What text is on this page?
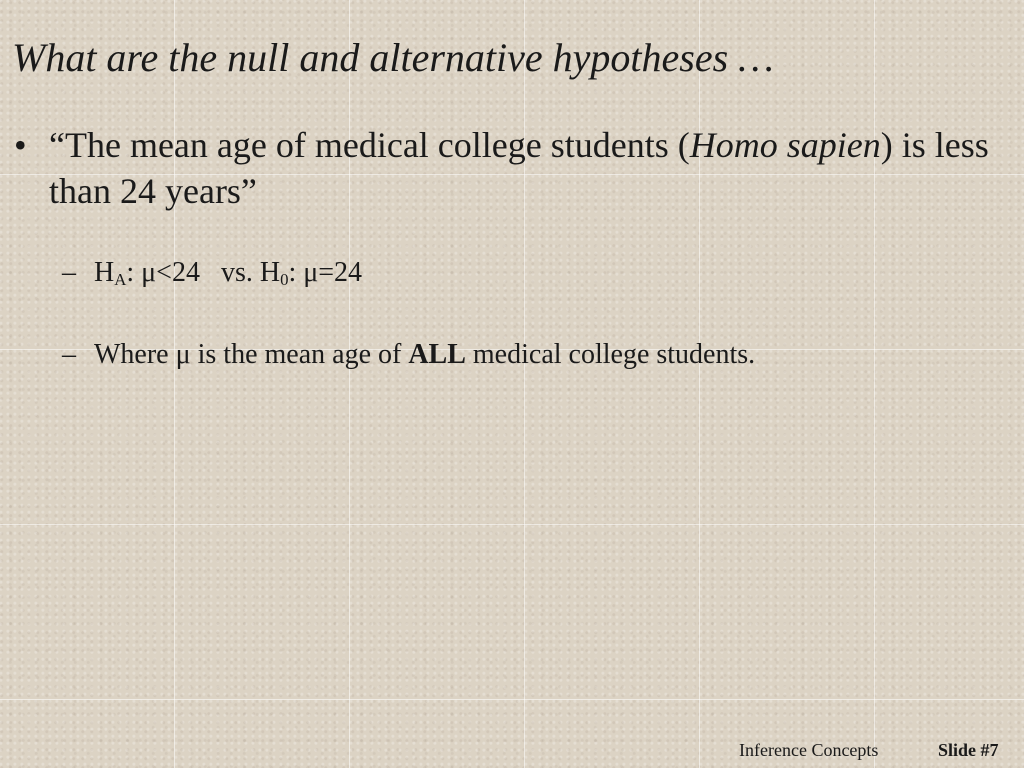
What are the null and alternative hypotheses …
• “The mean age of medical college students (Homo sapien) is less than 24 years”
– $H_A$: μ<24   vs. $H_0$: μ=24
– Where μ is the mean age of ALL medical college students.
Inference Concepts	Slide #7
